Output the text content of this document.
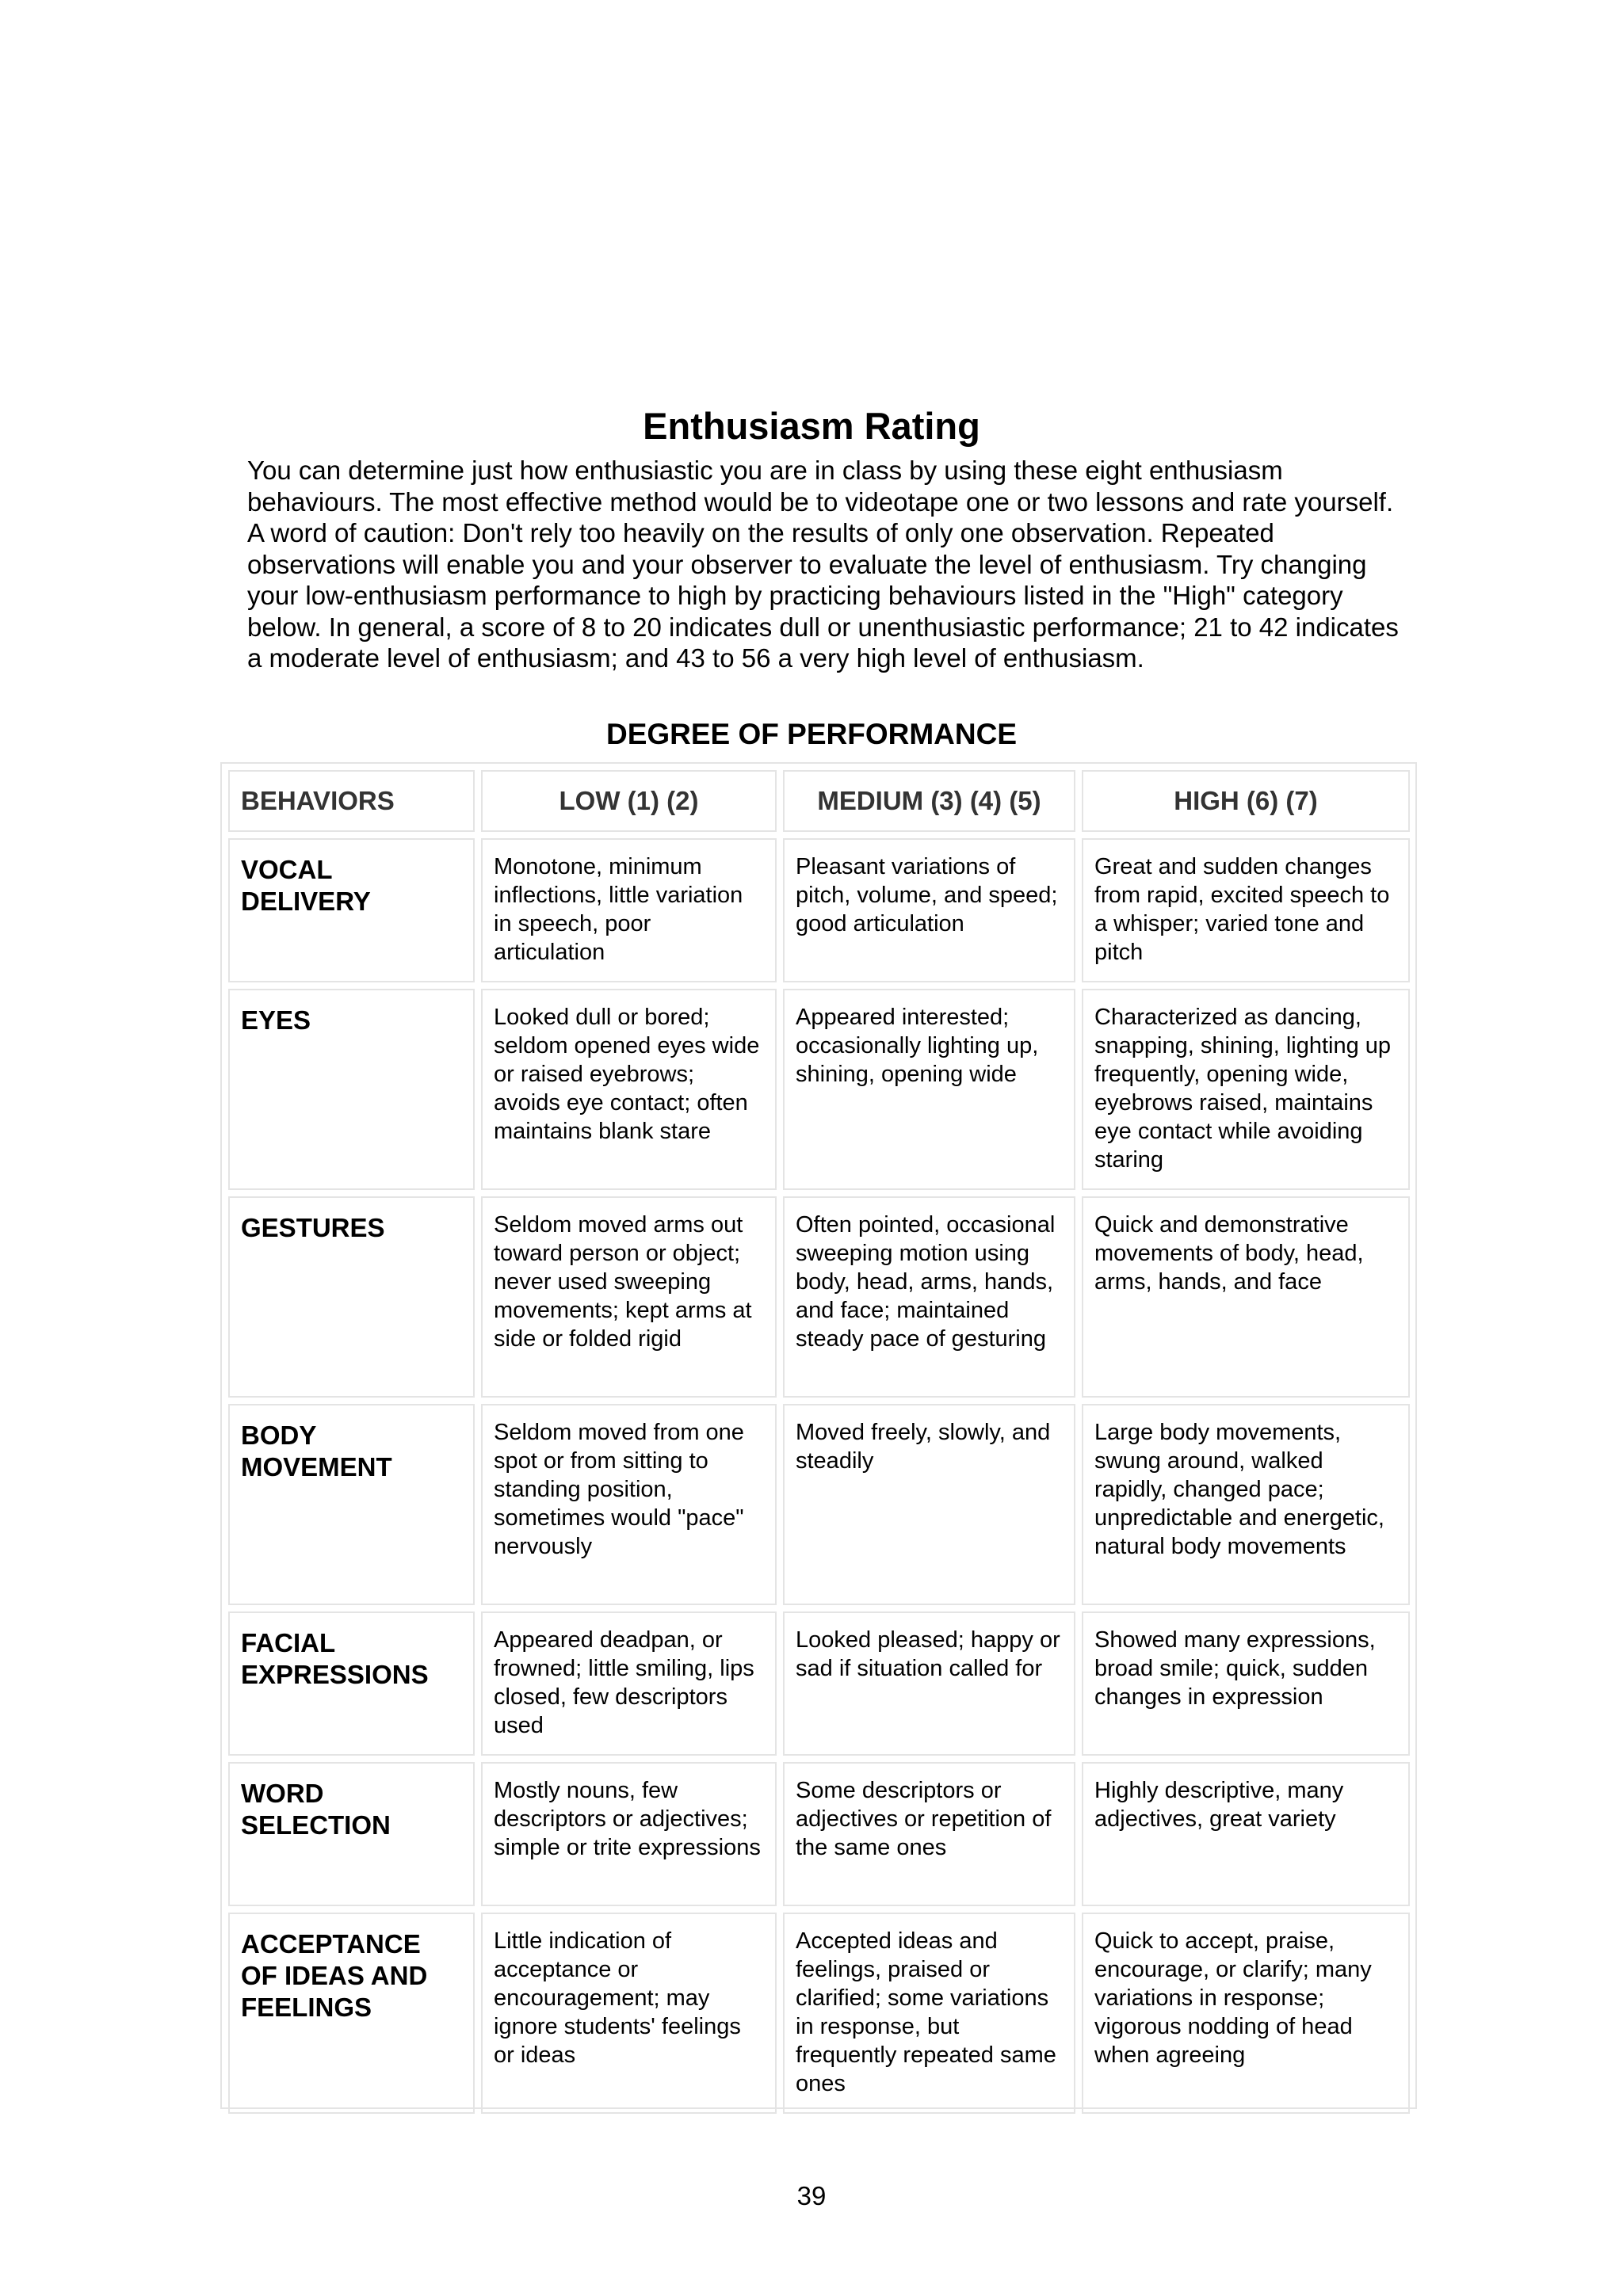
Enthusiasm Rating

You can determine just how enthusiastic you are in class by using these eight enthusiasm behaviours. The most effective method would be to videotape one or two lessons and rate yourself. A word of caution: Don't rely too heavily on the results of only one observation. Repeated observations will enable you and your observer to evaluate the level of enthusiasm. Try changing your low-enthusiasm performance to high by practicing behaviours listed in the "High" category below. In general, a score of 8 to 20 indicates dull or unenthusiastic performance; 21 to 42 indicates a moderate level of enthusiasm; and 43 to 56 a very high level of enthusiasm.

DEGREE OF PERFORMANCE
BEHAVIORS	LOW (1) (2)	MEDIUM (3) (4) (5)	HIGH (6) (7)
VOCAL DELIVERY	Monotone, minimum inflections, little variation in speech, poor articulation	Pleasant variations of pitch, volume, and speed; good articulation	Great and sudden changes from rapid, excited speech to a whisper; varied tone and pitch
EYES	Looked dull or bored; seldom opened eyes wide or raised eyebrows; avoids eye contact; often maintains blank stare	Appeared interested; occasionally lighting up, shining, opening wide	Characterized as dancing, snapping, shining, lighting up frequently, opening wide, eyebrows raised, maintains eye contact while avoiding staring
GESTURES	Seldom moved arms out toward person or object; never used sweeping movements; kept arms at side or folded rigid	Often pointed, occasional sweeping motion using body, head, arms, hands, and face; maintained steady pace of gesturing	Quick and demonstrative movements of body, head, arms, hands, and face
BODY MOVEMENT	Seldom moved from one spot or from sitting to standing position, sometimes would "pace" nervously	Moved freely, slowly, and steadily	Large body movements, swung around, walked rapidly, changed pace; unpredictable and energetic, natural body movements
FACIAL EXPRESSIONS	Appeared deadpan, or frowned; little smiling, lips closed, few descriptors used	Looked pleased; happy or sad if situation called for	Showed many expressions, broad smile; quick, sudden changes in expression
WORD SELECTION	Mostly nouns, few descriptors or adjectives; simple or trite expressions	Some descriptors or adjectives or repetition of the same ones	Highly descriptive, many adjectives, great variety
ACCEPTANCE OF IDEAS AND FEELINGS	Little indication of acceptance or encouragement; may ignore students' feelings or ideas	Accepted ideas and feelings, praised or clarified; some variations in response, but frequently repeated same ones	Quick to accept, praise, encourage, or clarify; many variations in response; vigorous nodding of head when agreeing
39
